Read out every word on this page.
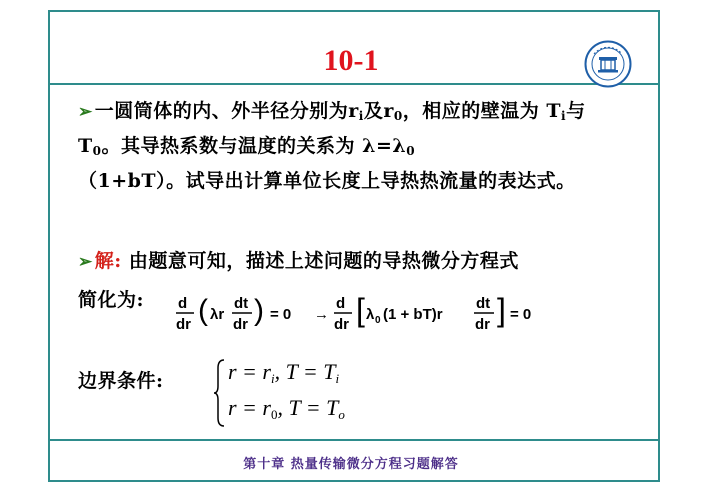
10-1
➢ 一圆筒体的内、外半径分别为$r_i$及$r_0$，相应的壁温为 $T_i$与$T_0$。其导热系数与温度的关系为 $\lambda=\lambda_0$
（1+bT）。试导出计算单位长度上导热热流量的表达式。
➢ 解: 由题意可知，描述上述问题的导热微分方程式
简化为: d
dr ( λr
dt
dr ) = 0 →
d
dr [ λ 0 (1 + bT)r
dt
dr ] = 0
边界条件:	$r = r_i$, $T = T_i$
$r = r_0$, $T = T_o$
第十章 热量传输微分方程习题解答
